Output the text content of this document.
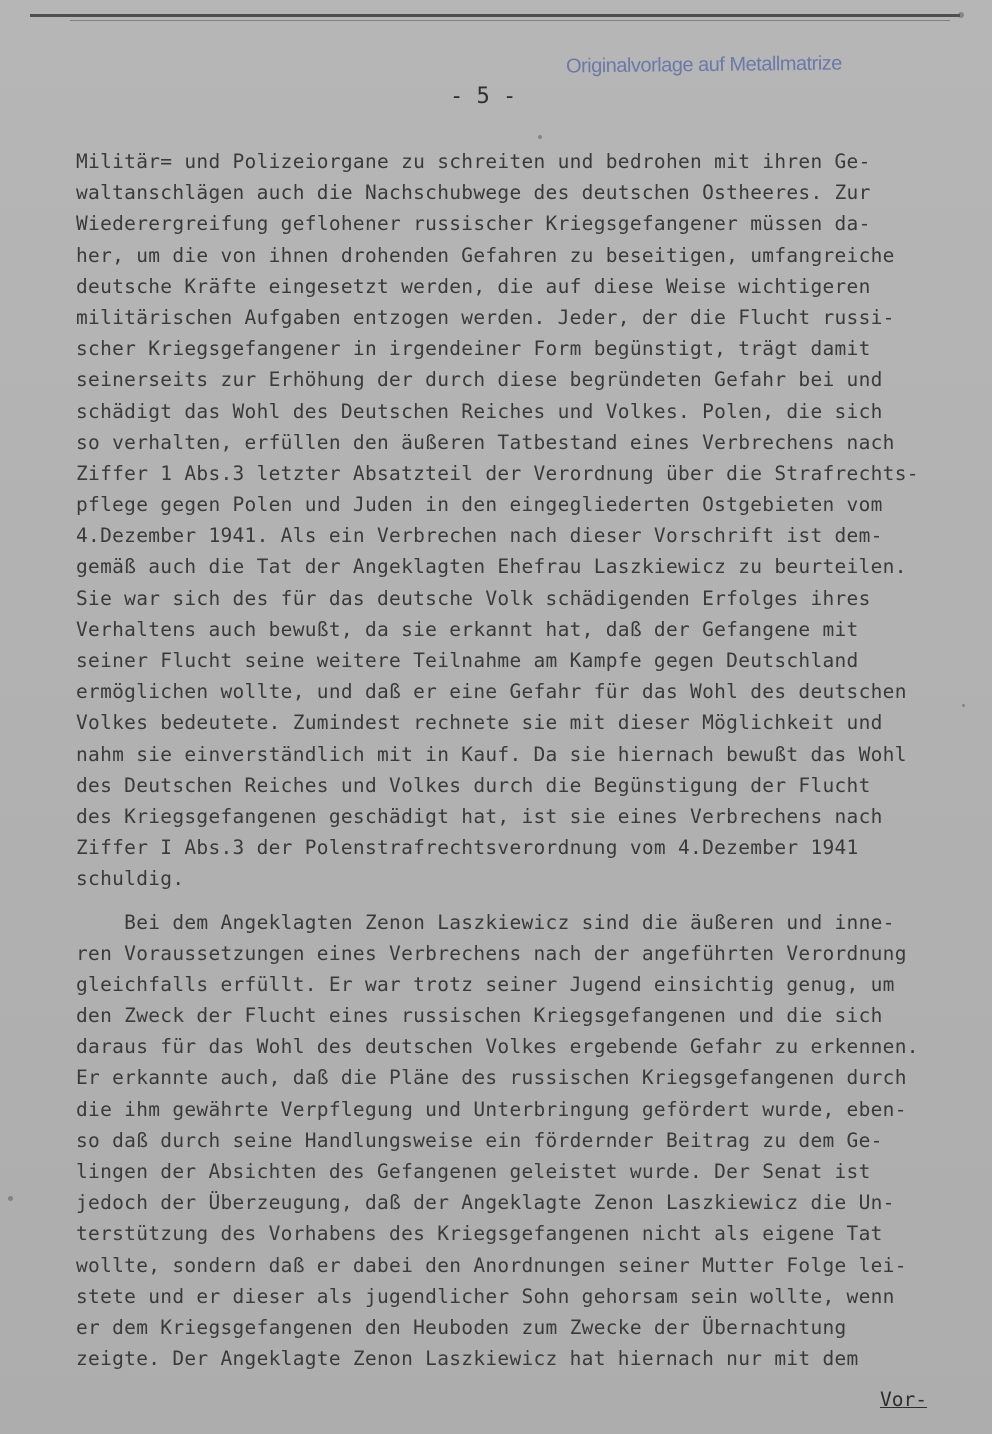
Originalvorlage auf Metallmatrize
- 5 -
Militär= und Polizeiorgane zu schreiten und bedrohen mit ihren Ge-
waltanschlägen auch die Nachschubwege des deutschen Ostheeres. Zur
Wiederergreifung geflohener russischer Kriegsgefangener müssen da-
her, um die von ihnen drohenden Gefahren zu beseitigen, umfangreiche
deutsche Kräfte eingesetzt werden, die auf diese Weise wichtigeren
militärischen Aufgaben entzogen werden. Jeder, der die Flucht russi-
scher Kriegsgefangener in irgendeiner Form begünstigt, trägt damit
seinerseits zur Erhöhung der durch diese begründeten Gefahr bei und
schädigt das Wohl des Deutschen Reiches und Volkes. Polen, die sich
so verhalten, erfüllen den äußeren Tatbestand eines Verbrechens nach
Ziffer 1 Abs.3 letzter Absatzteil der Verordnung über die Strafrechts-
pflege gegen Polen und Juden in den eingegliederten Ostgebieten vom
4.Dezember 1941. Als ein Verbrechen nach dieser Vorschrift ist dem-
gemäß auch die Tat der Angeklagten Ehefrau Laszkiewicz zu beurteilen.
Sie war sich des für das deutsche Volk schädigenden Erfolges ihres
Verhaltens auch bewußt, da sie erkannt hat, daß der Gefangene mit
seiner Flucht seine weitere Teilnahme am Kampfe gegen Deutschland
ermöglichen wollte, und daß er eine Gefahr für das Wohl des deutschen
Volkes bedeutete. Zumindest rechnete sie mit dieser Möglichkeit und
nahm sie einverständlich mit in Kauf. Da sie hiernach bewußt das Wohl
des Deutschen Reiches und Volkes durch die Begünstigung der Flucht
des Kriegsgefangenen geschädigt hat, ist sie eines Verbrechens nach
Ziffer I Abs.3 der Polenstrafrechtsverordnung vom 4.Dezember 1941
schuldig.
Bei dem Angeklagten Zenon Laszkiewicz sind die äußeren und inne-
ren Voraussetzungen eines Verbrechens nach der angeführten Verordnung
gleichfalls erfüllt. Er war trotz seiner Jugend einsichtig genug, um
den Zweck der Flucht eines russischen Kriegsgefangenen und die sich
daraus für das Wohl des deutschen Volkes ergebende Gefahr zu erkennen.
Er erkannte auch, daß die Pläne des russischen Kriegsgefangenen durch
die ihm gewährte Verpflegung und Unterbringung gefördert wurde, eben-
so daß durch seine Handlungsweise ein fördernder Beitrag zu dem Ge-
lingen der Absichten des Gefangenen geleistet wurde. Der Senat ist
jedoch der Überzeugung, daß der Angeklagte Zenon Laszkiewicz die Un-
terstützung des Vorhabens des Kriegsgefangenen nicht als eigene Tat
wollte, sondern daß er dabei den Anordnungen seiner Mutter Folge lei-
stete und er dieser als jugendlicher Sohn gehorsam sein wollte, wenn
er dem Kriegsgefangenen den Heuboden zum Zwecke der Übernachtung
zeigte. Der Angeklagte Zenon Laszkiewicz hat hiernach nur mit dem
Vor-
